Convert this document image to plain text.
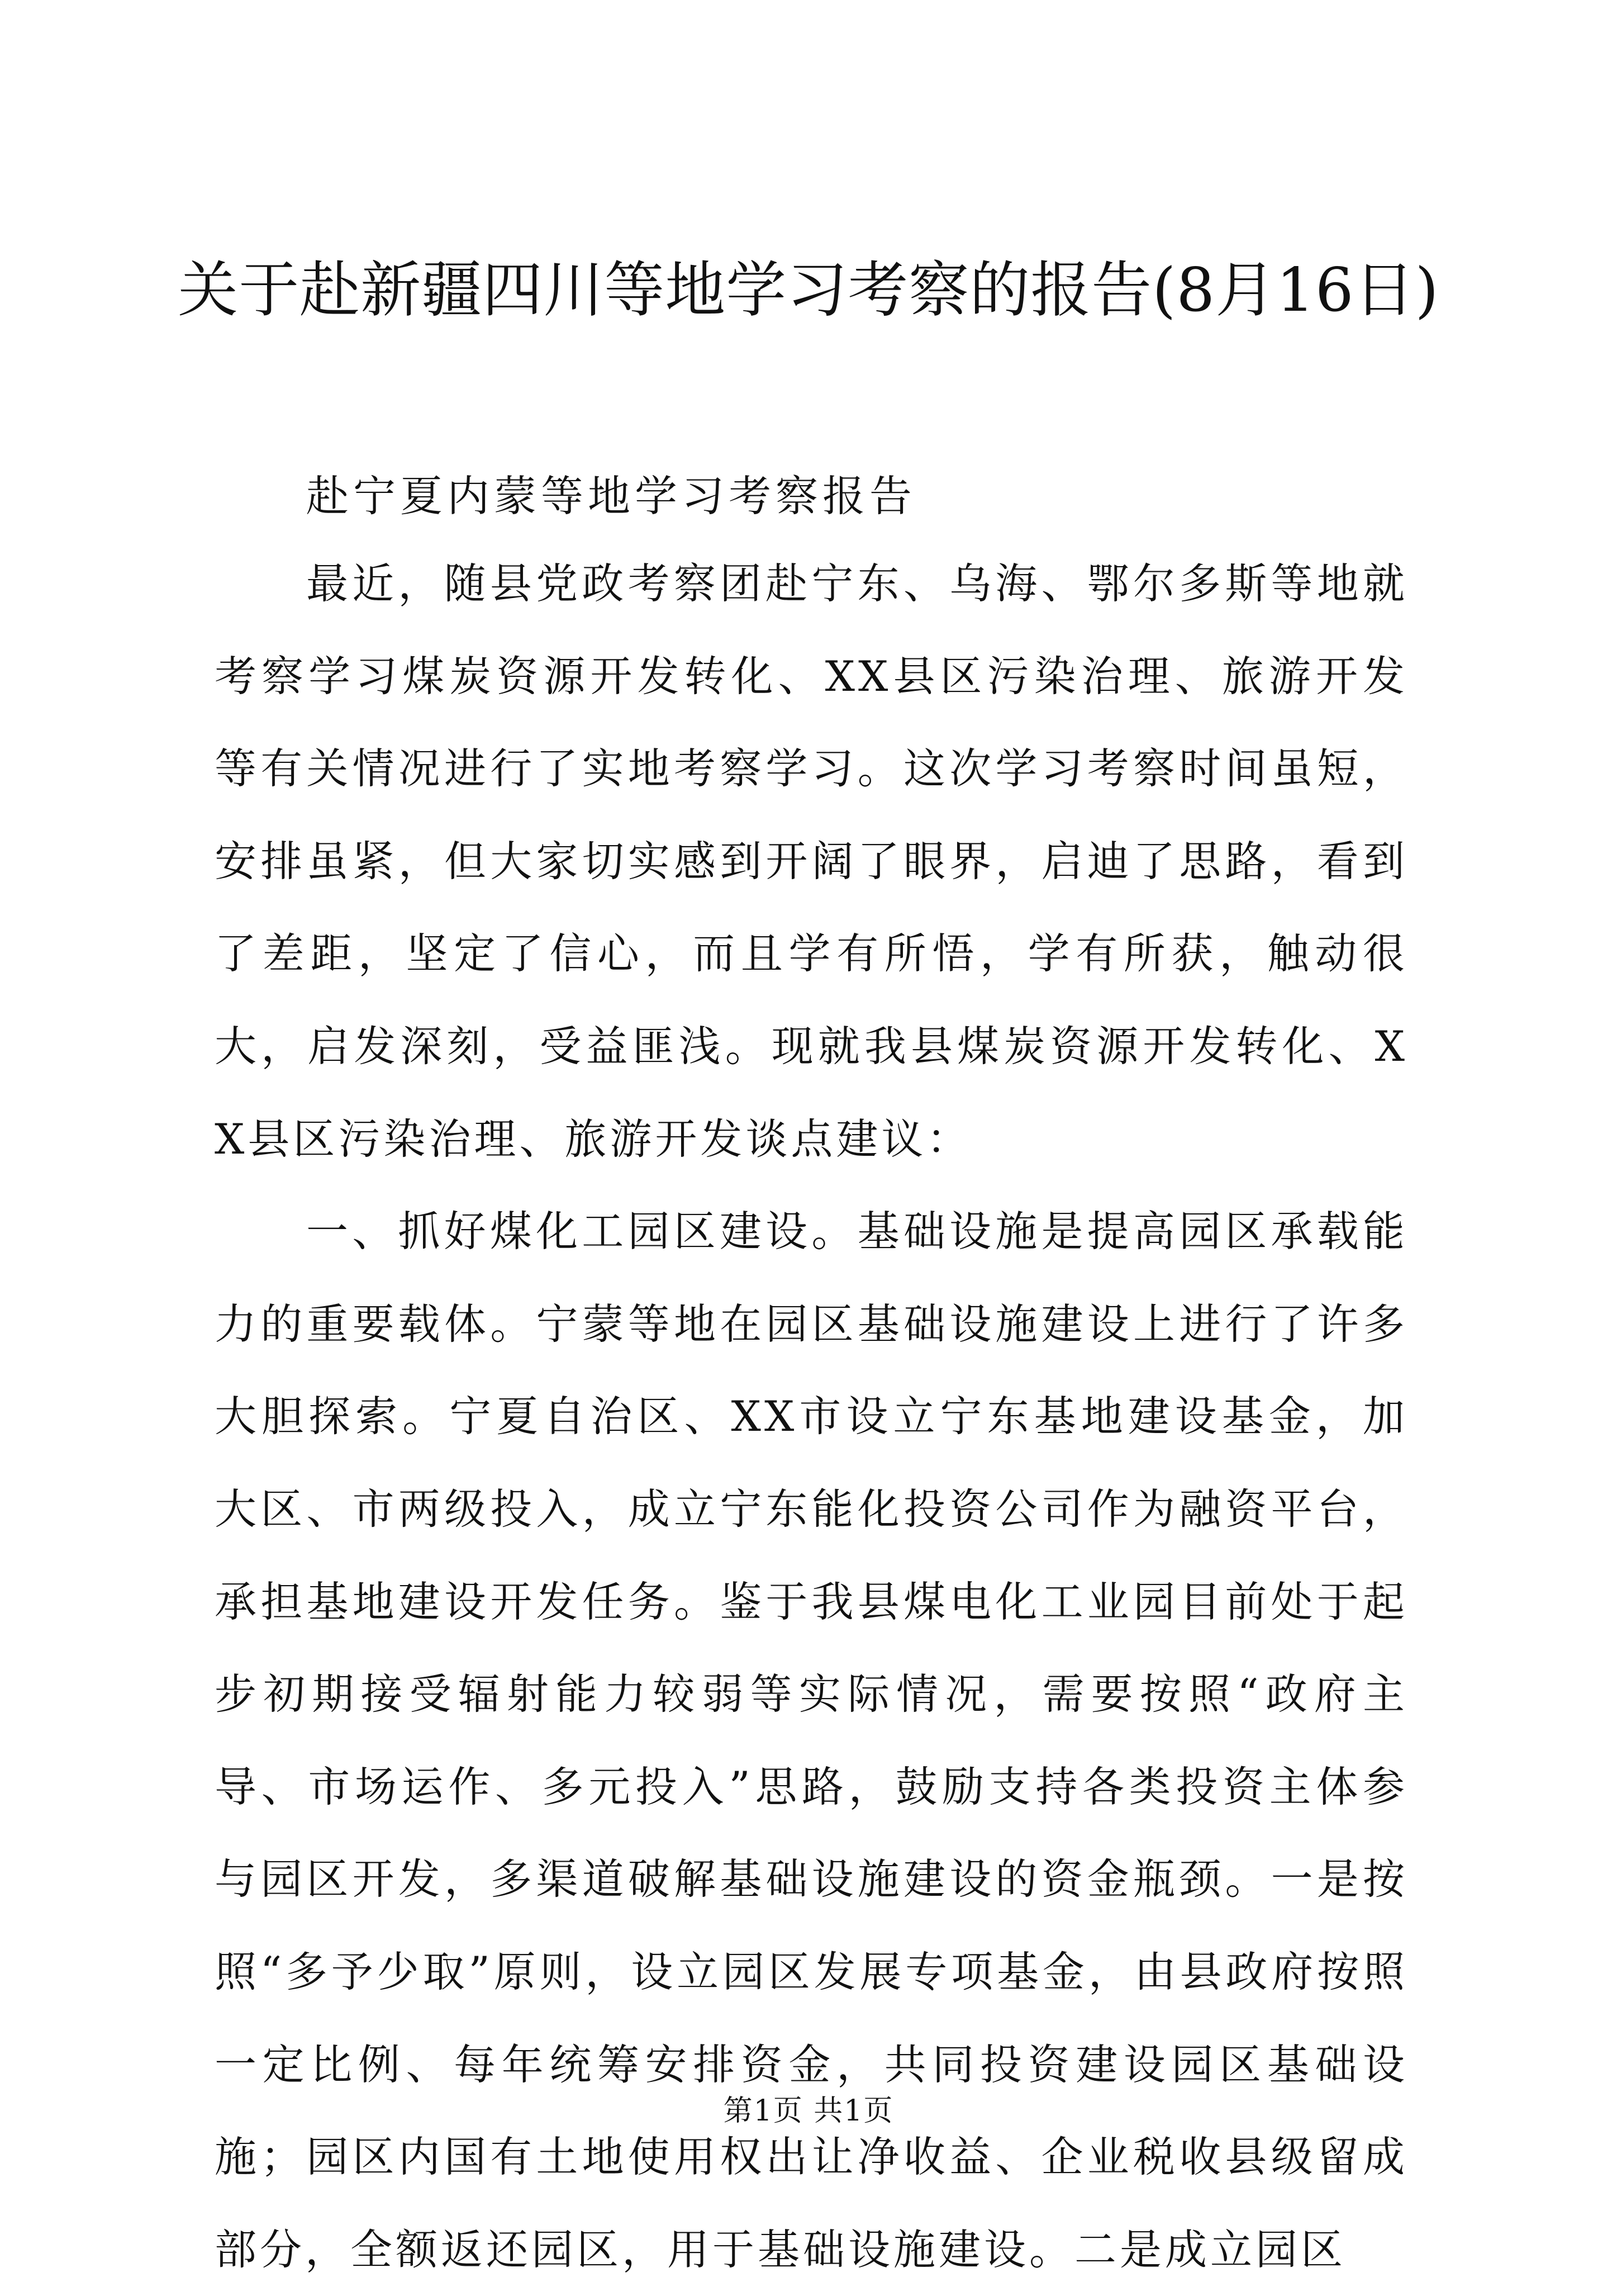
关于赴新疆四川等地学习考察的报告(8月16日)

赴宁夏内蒙等地学习考察报告

最近，随县党政考察团赴宁东、乌海、鄂尔多斯等地就考察学习煤炭资源开发转化、XX县区污染治理、旅游开发等有关情况进行了实地考察学习。这次学习考察时间虽短，安排虽紧，但大家切实感到开阔了眼界，启迪了思路，看到了差距，坚定了信心，而且学有所悟，学有所获，触动很大，启发深刻，受益匪浅。现就我县煤炭资源开发转化、XX县区污染治理、旅游开发谈点建议：

一、抓好煤化工园区建设。基础设施是提高园区承载能力的重要载体。宁蒙等地在园区基础设施建设上进行了许多大胆探索。宁夏自治区、XX市设立宁东基地建设基金，加大区、市两级投入，成立宁东能化投资公司作为融资平台，承担基地建设开发任务。鉴于我县煤电化工业园目前处于起步初期接受辐射能力较弱等实际情况，需要按照“政府主导、市场运作、多元投入”思路，鼓励支持各类投资主体参与园区开发，多渠道破解基础设施建设的资金瓶颈。一是按照“多予少取”原则，设立园区发展专项基金，由县政府按照一定比例、每年统筹安排资金，共同投资建设园区基础设施；园区内国有土地使用权出让净收益、企业税收县级留成部分，全额返还园区，用于基础设施建设。二是成立园区

第1页 共1页
